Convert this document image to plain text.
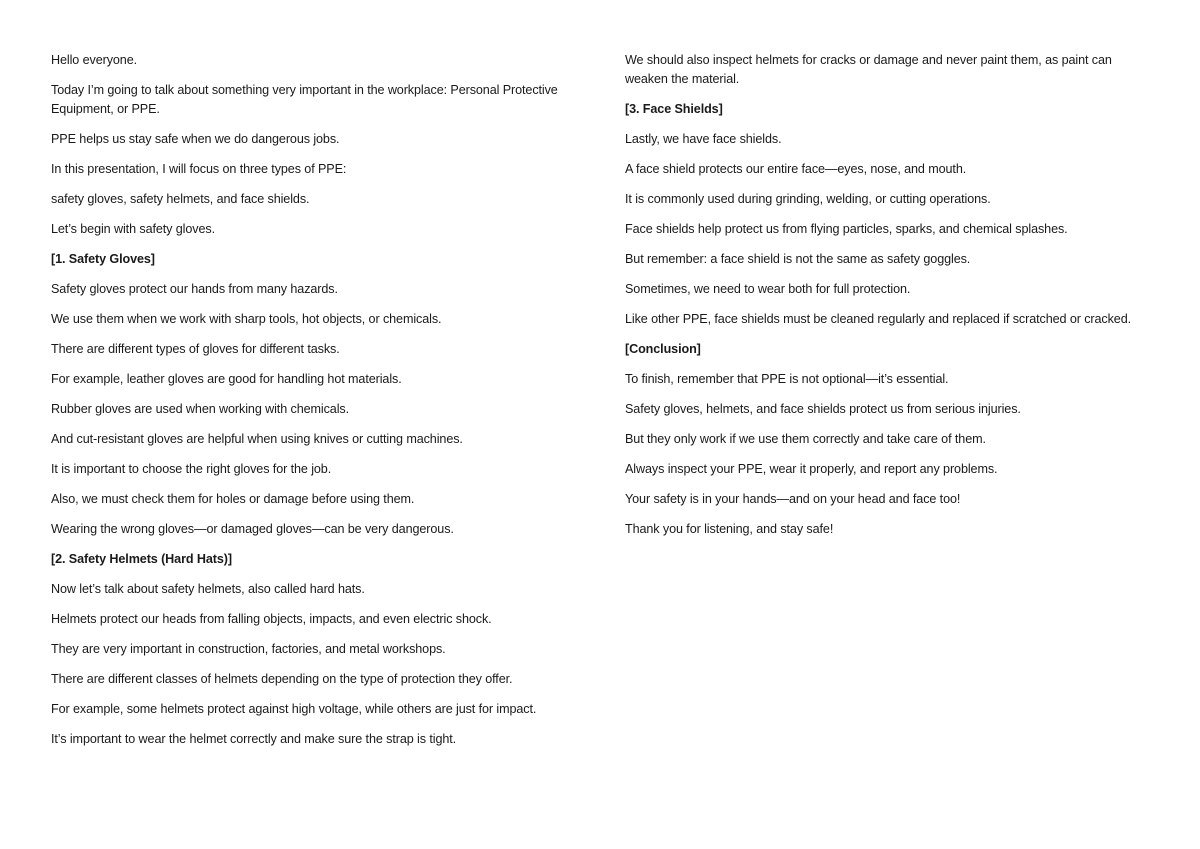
Hello everyone.

Today I’m going to talk about something very important in the workplace: Personal Protective Equipment, or PPE.

PPE helps us stay safe when we do dangerous jobs.

In this presentation, I will focus on three types of PPE:

safety gloves, safety helmets, and face shields.

Let’s begin with safety gloves.

[1. Safety Gloves]

Safety gloves protect our hands from many hazards.

We use them when we work with sharp tools, hot objects, or chemicals.

There are different types of gloves for different tasks.

For example, leather gloves are good for handling hot materials.

Rubber gloves are used when working with chemicals.

And cut-resistant gloves are helpful when using knives or cutting machines.

It is important to choose the right gloves for the job.

Also, we must check them for holes or damage before using them.

Wearing the wrong gloves—or damaged gloves—can be very dangerous.

[2. Safety Helmets (Hard Hats)]

Now let’s talk about safety helmets, also called hard hats.

Helmets protect our heads from falling objects, impacts, and even electric shock.

They are very important in construction, factories, and metal workshops.

There are different classes of helmets depending on the type of protection they offer.

For example, some helmets protect against high voltage, while others are just for impact.

It’s important to wear the helmet correctly and make sure the strap is tight.

We should also inspect helmets for cracks or damage and never paint them, as paint can weaken the material.

[3. Face Shields]

Lastly, we have face shields.

A face shield protects our entire face—eyes, nose, and mouth.

It is commonly used during grinding, welding, or cutting operations.

Face shields help protect us from flying particles, sparks, and chemical splashes.

But remember: a face shield is not the same as safety goggles.

Sometimes, we need to wear both for full protection.

Like other PPE, face shields must be cleaned regularly and replaced if scratched or cracked.

[Conclusion]

To finish, remember that PPE is not optional—it’s essential.

Safety gloves, helmets, and face shields protect us from serious injuries.

But they only work if we use them correctly and take care of them.

Always inspect your PPE, wear it properly, and report any problems.

Your safety is in your hands—and on your head and face too!

Thank you for listening, and stay safe!
